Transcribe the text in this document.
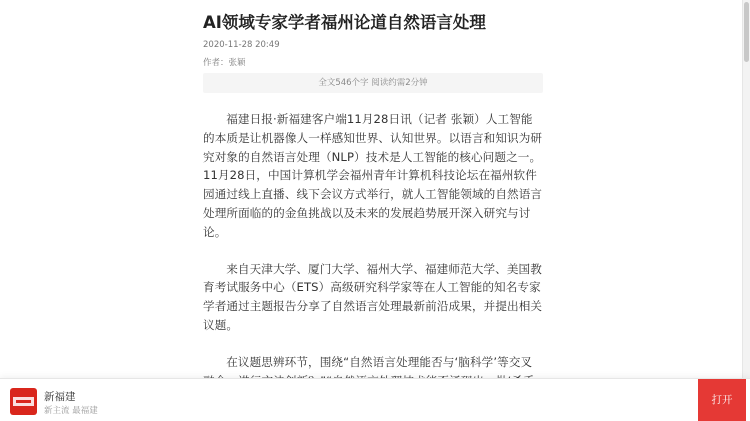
AI领域专家学者福州论道自然语言处理
2020-11-28 20:49
作者：张颖
全文546个字 阅读约需2分钟

福建日报·新福建客户端11月28日讯（记者 张颖）人工智能的本质是让机器像人一样感知世界、认知世界。以语言和知识为研究对象的自然语言处理（NLP）技术是人工智能的核心问题之一。11月28日，中国计算机学会福州青年计算机科技论坛在福州软件园通过线上直播、线下会议方式举行，就人工智能领域的自然语言处理所面临的的金鱼挑战以及未来的发展趋势展开深入研究与讨论。

来自天津大学、厦门大学、福州大学、福建师范大学、美国教育考试服务中心（ETS）高级研究科学家等在人工智能的知名专家学者通过主题报告分享了自然语言处理最新前沿成果，并提出相关议题。

在议题思辨环节，围绕“自然语言处理能否与‘脑科学’等交叉

新福建
新主流 最福建
打开
